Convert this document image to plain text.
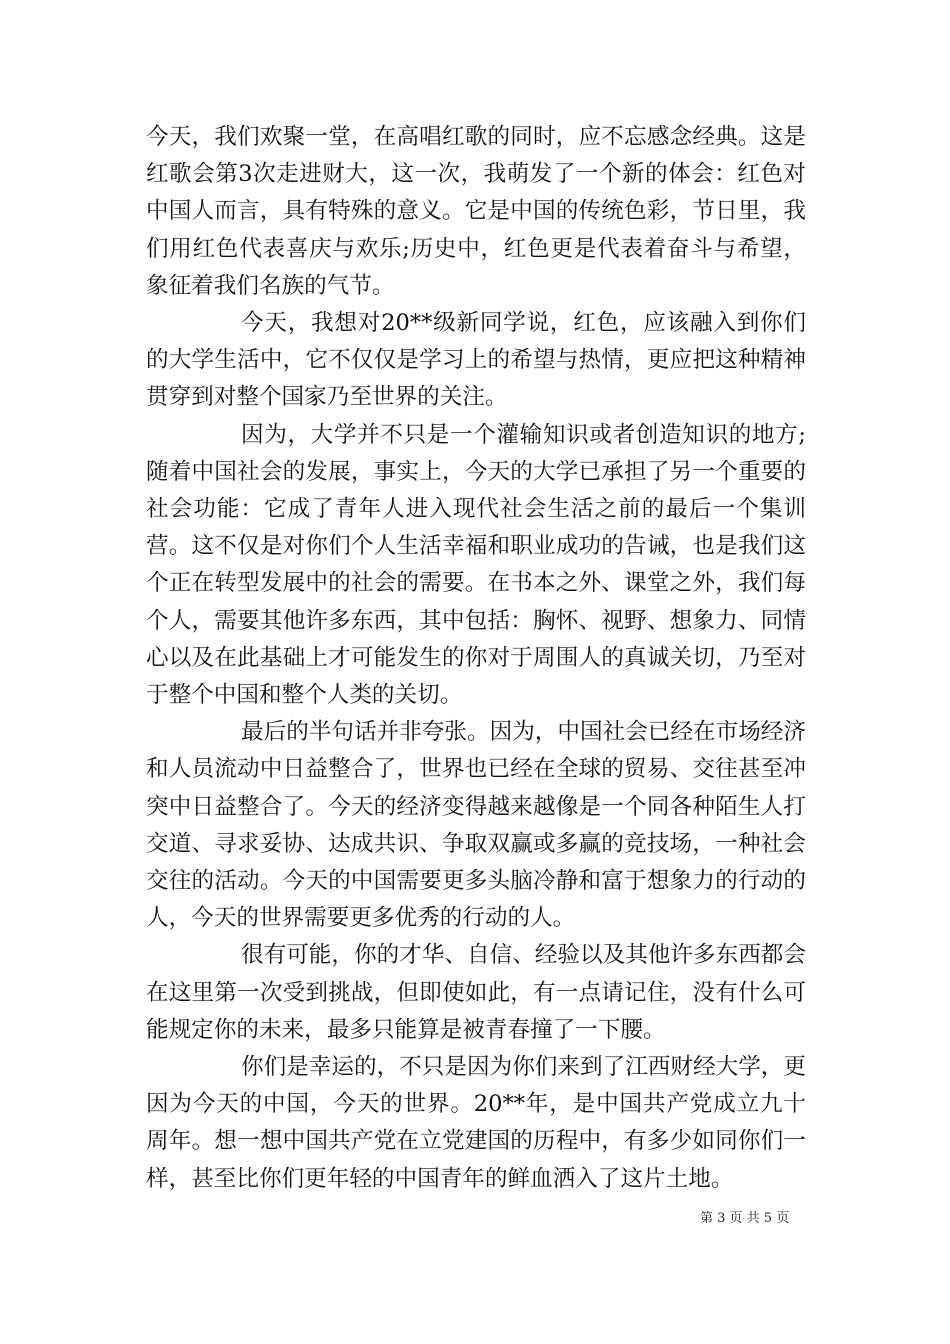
今天，我们欢聚一堂，在高唱红歌的同时，应不忘感念经典。这是红歌会第3次走进财大，这一次，我萌发了一个新的体会：红色对中国人而言，具有特殊的意义。它是中国的传统色彩，节日里，我们用红色代表喜庆与欢乐;历史中，红色更是代表着奋斗与希望，象征着我们名族的气节。

今天，我想对20**级新同学说，红色，应该融入到你们的大学生活中，它不仅仅是学习上的希望与热情，更应把这种精神贯穿到对整个国家乃至世界的关注。

因为，大学并不只是一个灌输知识或者创造知识的地方;随着中国社会的发展，事实上，今天的大学已承担了另一个重要的社会功能：它成了青年人进入现代社会生活之前的最后一个集训营。这不仅是对你们个人生活幸福和职业成功的告诫，也是我们这个正在转型发展中的社会的需要。在书本之外、课堂之外，我们每个人，需要其他许多东西，其中包括：胸怀、视野、想象力、同情心以及在此基础上才可能发生的你对于周围人的真诚关切，乃至对于整个中国和整个人类的关切。

最后的半句话并非夸张。因为，中国社会已经在市场经济和人员流动中日益整合了，世界也已经在全球的贸易、交往甚至冲突中日益整合了。今天的经济变得越来越像是一个同各种陌生人打交道、寻求妥协、达成共识、争取双赢或多赢的竞技场，一种社会交往的活动。今天的中国需要更多头脑冷静和富于想象力的行动的人，今天的世界需要更多优秀的行动的人。

很有可能，你的才华、自信、经验以及其他许多东西都会在这里第一次受到挑战，但即使如此，有一点请记住，没有什么可能规定你的未来，最多只能算是被青春撞了一下腰。

你们是幸运的，不只是因为你们来到了江西财经大学，更因为今天的中国，今天的世界。20**年，是中国共产党成立九十周年。想一想中国共产党在立党建国的历程中，有多少如同你们一样，甚至比你们更年轻的中国青年的鲜血洒入了这片土地。

第 3 页 共 5 页
